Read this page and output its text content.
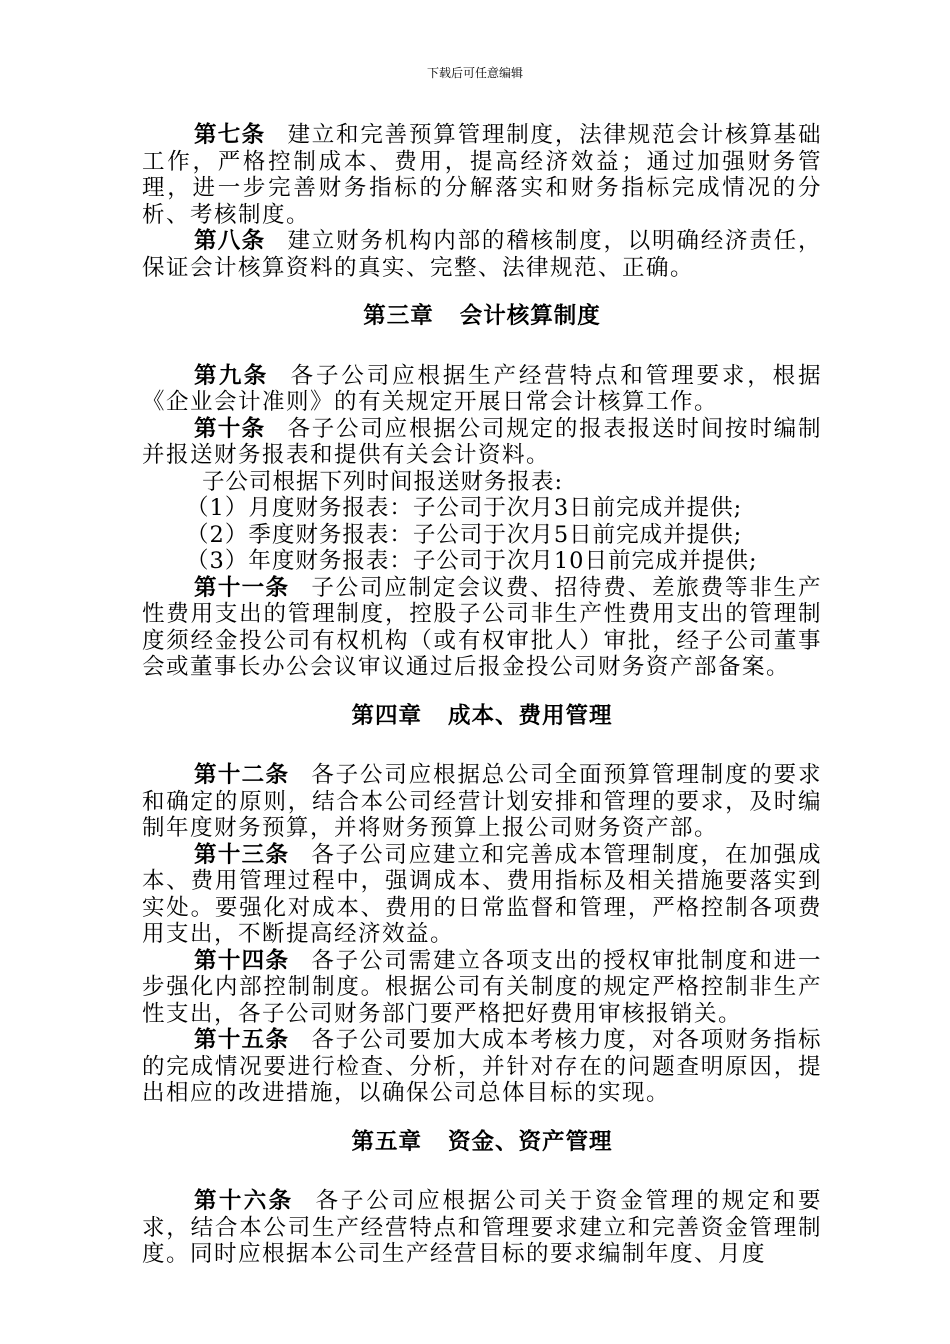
下载后可任意编辑

第七条 建立和完善预算管理制度，法律规范会计核算基础工作，严格控制成本、费用，提高经济效益；通过加强财务管理，进一步完善财务指标的分解落实和财务指标完成情况的分析、考核制度。

第八条 建立财务机构内部的稽核制度，以明确经济责任，保证会计核算资料的真实、完整、法律规范、正确。

第三章 会计核算制度

第九条 各子公司应根据生产经营特点和管理要求，根据《企业会计准则》的有关规定开展日常会计核算工作。

第十条 各子公司应根据公司规定的报表报送时间按时编制并报送财务报表和提供有关会计资料。

子公司根据下列时间报送财务报表:

（1）月度财务报表：子公司于次月3日前完成并提供;

（2）季度财务报表：子公司于次月5日前完成并提供;

（3）年度财务报表：子公司于次月10日前完成并提供;

第十一条 子公司应制定会议费、招待费、差旅费等非生产性费用支出的管理制度，控股子公司非生产性费用支出的管理制度须经金投公司有权机构（或有权审批人）审批，经子公司董事会或董事长办公会议审议通过后报金投公司财务资产部备案。

第四章 成本、费用管理

第十二条 各子公司应根据总公司全面预算管理制度的要求和确定的原则，结合本公司经营计划安排和管理的要求，及时编制年度财务预算，并将财务预算上报公司财务资产部。

第十三条 各子公司应建立和完善成本管理制度，在加强成本、费用管理过程中，强调成本、费用指标及相关措施要落实到实处。要强化对成本、费用的日常监督和管理，严格控制各项费用支出，不断提高经济效益。

第十四条 各子公司需建立各项支出的授权审批制度和进一步强化内部控制制度。根据公司有关制度的规定严格控制非生产性支出，各子公司财务部门要严格把好费用审核报销关。

第十五条 各子公司要加大成本考核力度，对各项财务指标的完成情况要进行检查、分析，并针对存在的问题查明原因，提出相应的改进措施，以确保公司总体目标的实现。

第五章 资金、资产管理

第十六条 各子公司应根据公司关于资金管理的规定和要求，结合本公司生产经营特点和管理要求建立和完善资金管理制度。同时应根据本公司生产经营目标的要求编制年度、月度
